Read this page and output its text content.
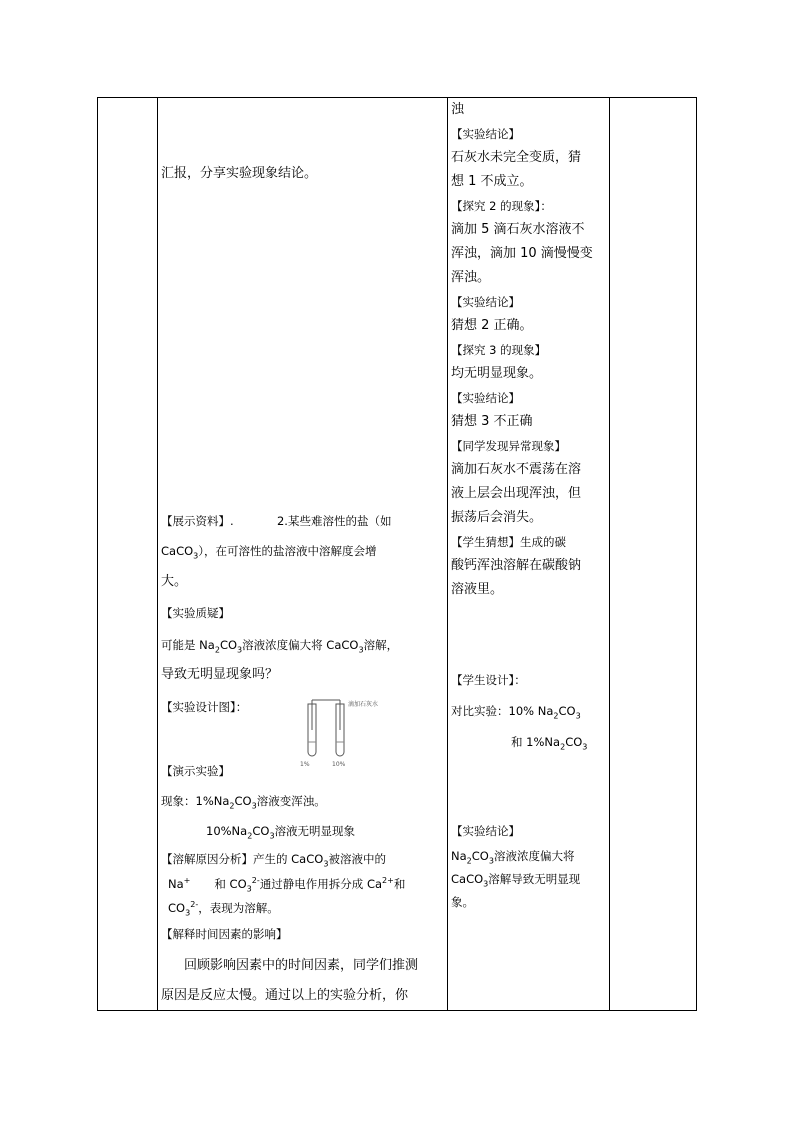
汇报，分享实验现象结论。
【展示资料】.	2.某些难溶性的盐（如
CaCO$_3$），在可溶性的盐溶液中溶解度会增
大。
【实验质疑】
可能是 $Na_2CO_3$溶液浓度偏大将 CaCO$_3$溶解，
导致无明显现象吗？
【实验设计图】：	滴加石灰水
1%	10%
【演示实验】
现象：$1\%Na_2CO_3$溶液变浑浊。
$10\%Na_2CO_3$溶液无明显现象
【溶解原因分析】产生的 CaCO$_3$被溶液中的
Na+ 和 $CO_3^{2-}$通过静电作用拆分成 $Ca^{2+}$和
$CO_3^{2-}$，表现为溶解。
【解释时间因素的影响】
回顾影响因素中的时间因素，同学们推测
原因是反应太慢。通过以上的实验分析，你
浊
【实验结论】
石灰水未完全变质，猜
想 1 不成立。
【探究 2 的现象】：
滴加 5 滴石灰水溶液不
浑浊，滴加 10 滴慢慢变
浑浊。
【实验结论】
猜想 2 正确。
【探究 3 的现象】
均无明显现象。
【实验结论】
猜想 3 不正确
【同学发现异常现象】
滴加石灰水不震荡在溶
液上层会出现浑浊，但
振荡后会消失。
【学生猜想】生成的碳
酸钙浑浊溶解在碳酸钠
溶液里。
【学生设计】：
对比实验：10% $Na_2CO_3$
和 $1\%Na_2CO_3$
【实验结论】
$Na_2CO_3$溶液浓度偏大将
CaCO$_3$溶解导致无明显现
象。
